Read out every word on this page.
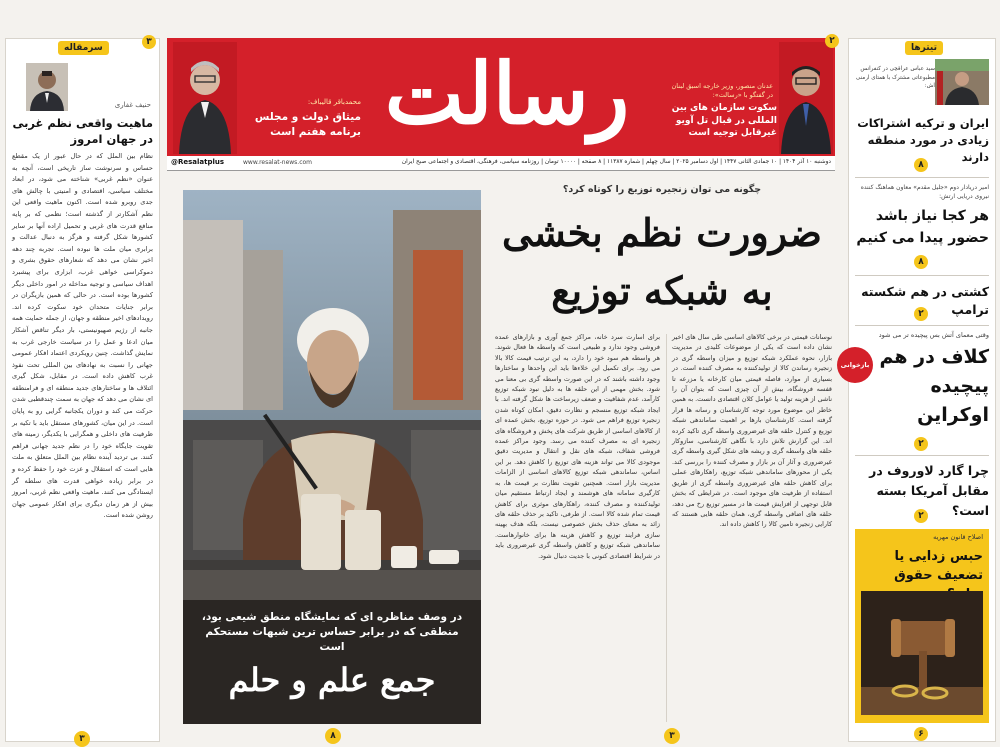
سرمقاله
۳
حنیف غفاری
ماهیت واقعی نظم غربی در جهان امروز
نظام بین الملل که در حال عبور از یک مقطع حساس و سرنوشت ساز تاریخی است، آنچه به عنوان «نظم غربی» شناخته می شود، در ابعاد مختلف سیاسی، اقتصادی و امنیتی با چالش های جدی روبرو شده است. اکنون ماهیت واقعی این نظم آشکارتر از گذشته است؛ نظمی که بر پایه منافع قدرت های غربی و تحمیل اراده آنها بر سایر کشورها شکل گرفته و هرگز به دنبال عدالت و برابری میان ملت ها نبوده است. تجربه چند دهه اخیر نشان می دهد که شعارهای حقوق بشری و دموکراسی خواهی غرب، ابزاری برای پیشبرد اهداف سیاسی و توجیه مداخله در امور داخلی دیگر کشورها بوده است. در حالی که همین بازیگران در برابر جنایات متحدان خود سکوت کرده اند. رویدادهای اخیر منطقه و جهان، از جمله حمایت همه جانبه از رژیم صهیونیستی، بار دیگر تناقض آشکار میان ادعا و عمل را در سیاست خارجی غرب به نمایش گذاشت. چنین رویکردی اعتماد افکار عمومی جهانی را نسبت به نهادهای بین المللی تحت نفوذ غرب کاهش داده است. در مقابل، شکل گیری ائتلاف ها و ساختارهای جدید منطقه ای و فرامنطقه ای نشان می دهد که جهان به سمت چندقطبی شدن حرکت می کند و دوران یکجانبه گرایی رو به پایان است. در این میان، کشورهای مستقل باید با تکیه بر ظرفیت های داخلی و همگرایی با یکدیگر، زمینه های تقویت جایگاه خود را در نظم جدید جهانی فراهم کنند. بی تردید آینده نظام بین الملل متعلق به ملت هایی است که استقلال و عزت خود را حفظ کرده و در برابر زیاده خواهی قدرت های سلطه گر ایستادگی می کنند. ماهیت واقعی نظم غربی، امروز بیش از هر زمان دیگری برای افکار عمومی جهان روشن شده است.
۳
محمدباقر قالیباف:
میثاق دولت و مجلس برنامه هفتم است رسالت	عدنان منصور، وزیر خارجه اسبق لبنان در گفتگو با «رسالت»:
سکوت سازمان های بین المللی در قبال تل آویو غیرقابل توجیه است
۲
@Resalatplus	www.resalat-news.com	دوشنبه ۱۰ آذر ۱۴۰۴ | ۱۰ جمادی الثانی ۱۴۴۷ | اول دسامبر ۲۰۲۵ | سال چهلم | شماره ۱۱۳۸۷ | ۸ صفحه | ۱۰۰۰۰ تومان | روزنامه سیاسی، فرهنگی، اقتصادی و اجتماعی صبح ایران
در وصف مناظره ای که نمایشگاه منطق شیعی بود، منطقی که در برابر حساس ترین شبهات مستحکم است
جمع علم و حلم
۸
چگونه می توان زنجیره توزیع را کوتاه کرد؟
ضرورت نظم بخشی
به شبکه توزیع
نوسانات قیمتی در برخی کالاهای اساسی طی سال های اخیر نشان داده است که یکی از موضوعات کلیدی در مدیریت بازار، نحوه عملکرد شبکه توزیع و میزان واسطه گری در زنجیره رساندن کالا از تولیدکننده به مصرف کننده است. در بسیاری از موارد، فاصله قیمتی میان کارخانه یا مزرعه تا قفسه فروشگاه، بیش از آن چیزی است که بتوان آن را ناشی از هزینه تولید یا عوامل کلان اقتصادی دانست. به همین خاطر این موضوع مورد توجه کارشناسان و رسانه ها قرار گرفته است. کارشناسان بارها بر اهمیت ساماندهی شبکه توزیع و کنترل حلقه های غیرضروری واسطه گری تاکید کرده اند. این گزارش تلاش دارد با نگاهی کارشناسی، سازوکار حلقه های واسطه گری و ریشه های شکل گیری واسطه گری غیرضروری و آثار آن بر بازار و مصرف کننده را بررسی کند. یکی از محورهای ساماندهی شبکه توزیع، راهکارهای عملی برای کاهش حلقه های غیرضروری واسطه گری از طریق استفاده از ظرفیت های موجود است. در شرایطی که بخش قابل توجهی از افزایش قیمت ها در مسیر توزیع رخ می دهد، حلقه های اضافی واسطه گری، همان حلقه هایی هستند که کارایی زنجیره تامین کالا را کاهش داده اند.
برای اسارت سرد خانه، مراکز جمع آوری و بازارهای عمده فروشی وجود ندارد و طبیعی است که واسطه ها فعال شوند. هر واسطه هم سود خود را دارد، به این ترتیب قیمت کالا بالا می رود. برای تکمیل این خلاءها باید این واحدها و ساختارها وجود داشته باشند که در این صورت واسطه گری بی معنا می شود. بخش مهمی از این حلقه ها به دلیل نبود شبکه توزیع کارآمد، عدم شفافیت و ضعف زیرساخت ها شکل گرفته اند. با ایجاد شبکه توزیع منسجم و نظارت دقیق، امکان کوتاه شدن زنجیره توزیع فراهم می شود. در حوزه توزیع، بخش عمده ای از کالاهای اساسی از طریق شرکت های پخش و فروشگاه های زنجیره ای به مصرف کننده می رسد. وجود مراکز عمده فروشی شفاف، شبکه های نقل و انتقال و مدیریت دقیق موجودی کالا می تواند هزینه های توزیع را کاهش دهد. بر این اساس، ساماندهی شبکه توزیع کالاهای اساسی از الزامات مدیریت بازار است. همچنین تقویت نظارت بر قیمت ها، به کارگیری سامانه های هوشمند و ایجاد ارتباط مستقیم میان تولیدکننده و مصرف کننده، راهکارهای موثری برای کاهش قیمت تمام شده کالا است. از طرفی، تاکید بر حذف حلقه های زائد به معنای حذف بخش خصوصی نیست، بلکه هدف بهینه سازی فرایند توزیع و کاهش هزینه ها برای خانوارهاست. ساماندهی شبکه توزیع و کاهش واسطه گری غیرضروری باید در شرایط اقتصادی کنونی با جدیت دنبال شود.
۳
تیترها
سید عباس عراقچی در کنفرانس مطبوعاتی مشترک با همتای ارمنی اش:
ایران و ترکیه اشتراکات زیادی در مورد منطقه دارند
۸
امیر دریادار دوم «جلیل مقدم» معاون هماهنگ کننده نیروی دریایی ارتش:
هر کجا نیاز باشد حضور پیدا می کنیم
۸
کشتی در هم شکسته ترامپ
۲
وقتی معمای آتش بس پیچیده تر می شود
بازخوانی کلاف در هم پیچیده اوکراین
۲
چرا گارد لاوروف در مقابل آمریکا بسته است؟
۲
اصلاح قانون مهریه
حبس زدایی یا تضعیف حقوق
۶
